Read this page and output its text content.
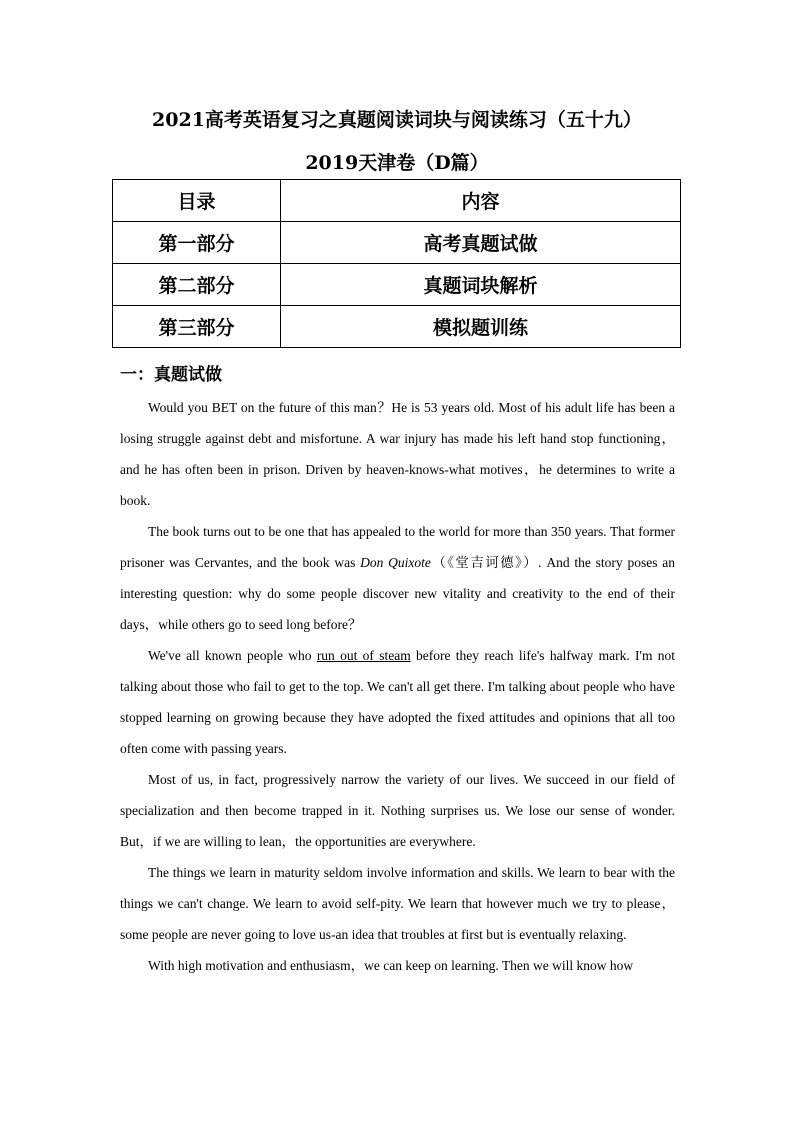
2021高考英语复习之真题阅读词块与阅读练习（五十九）
2019天津卷（D篇）
目录	内容
第一部分	高考真题试做
第二部分	真题词块解析
第三部分	模拟题训练
一：真题试做

Would you BET on the future of this man？He is 53 years old. Most of his adult life has been a losing struggle against debt and misfortune. A war injury has made his left hand stop functioning，and he has often been in prison. Driven by heaven-knows-what motives，he determines to write a book.

The book turns out to be one that has appealed to the world for more than 350 years. That former prisoner was Cervantes, and the book was Don Quixote（《堂吉诃德》）. And the story poses an interesting question: why do some people discover new vitality and creativity to the end of their days，while others go to seed long before？

We've all known people who run out of steam before they reach life's halfway mark. I'm not talking about those who fail to get to the top. We can't all get there. I'm talking about people who have stopped learning on growing because they have adopted the fixed attitudes and opinions that all too often come with passing years.

Most of us, in fact, progressively narrow the variety of our lives. We succeed in our field of specialization and then become trapped in it. Nothing surprises us. We lose our sense of wonder. But，if we are willing to lean，the opportunities are everywhere.

The things we learn in maturity seldom involve information and skills. We learn to bear with the things we can't change. We learn to avoid self-pity. We learn that however much we try to please，some people are never going to love us-an idea that troubles at first but is eventually relaxing.

With high motivation and enthusiasm，we can keep on learning. Then we will know how
